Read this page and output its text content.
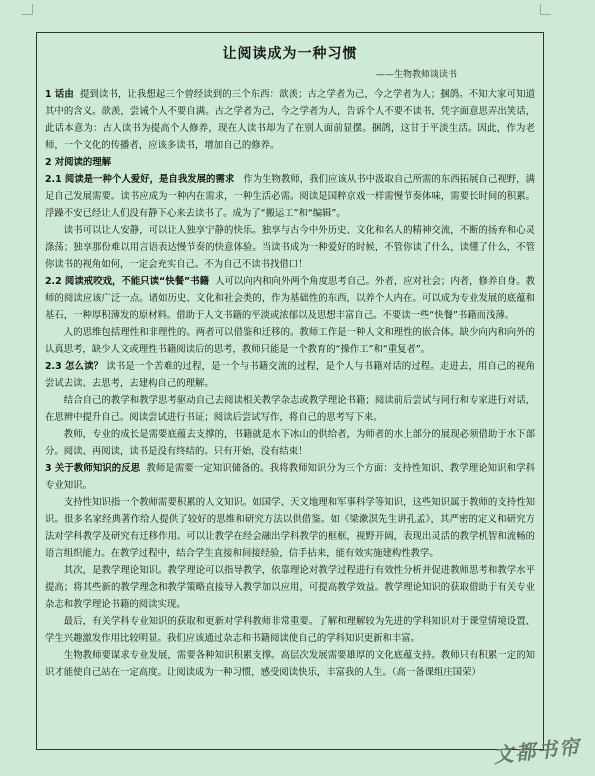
让阅读成为一种习惯
——生物教师谈读书

1 话由 提到读书，让我想起三个曾经读到的三个东西：歆羡；古之学者为己，今之学者为人；捆鸽。不知大家可知道其中的含义。歆羡，尝诫个人不要自满。古之学者为己，今之学者为人，告诉个人不要不读书，凭字面意思弄出笑话，此话本意为：古人读书为提高个人修养，现在人读书却为了在别人面前显摆。捆鸽，这甘于平淡生活。因此，作为老师，一个文化的传播者，应该多读书，增加自己的修养。

2 对阅读的理解

2.1 阅读是一种个人爱好，是自我发展的需求 作为生物教师，我们应该从书中汲取自己所需的东西拓展自己视野，满足自己发展需要。读书应成为一种内在需求，一种生活必需。阅读是国粹京戏一样需慢节奏体味，需要长时间的积累。浮躁不安已经让人们没有静下心来去读书了。成为了“搬运工”和“编辑”。

读书可以让人安静，可以让人独享宁静的快乐。独享与古今中外历史、文化和名人的精神交流，不断的扬弃和心灵涤荡；独享那份难以用言语表达慢节奏的快意体验。当读书成为一种爱好的时候，不管你读了什么，读懂了什么，不管你读书的视角如何，一定会充实自己。不为自己不读书找借口！

2.2 阅读戒咬戏，不能只读“快餐”书籍 人可以向内和向外两个角度思考自己。外者，应对社会；内者，修养自身。教师的阅读应该广泛一点。诸如历史、文化和社会类的，作为基础性的东西，以养个人内在。可以成为专业发展的底蕴和基石，一种厚积薄发的原材料。借助于人文书籍的平淡或浓郁以及思想丰富自己。不要读一些“快餐”书籍而浅薄。

人的思维包括理性和非理性的。两者可以借鉴和迁移的。教师工作是一种人文和理性的嵌合体。缺少向内和向外的认真思考，缺少人文或理性书籍阅读后的思考，教师只能是一个教育的“操作工”和“重复者”。

2.3 怎么读？ 读书是一个苦难的过程，是一个与书籍交流的过程，是个人与书籍对话的过程。走进去，用自己的视角尝试去读、去思考，去建构自己的理解。

结合自己的教学和教学思考驱动自己去阅读相关教学杂志或教学理论书籍；阅读前后尝试与同行和专家进行对话，在思辨中提升自己。阅读尝试进行书证；阅读后尝试写作，将自己的思考写下来。

教师，专业的成长是需要底蕴去支撑的，书籍就是水下冰山的供给者，为师者的水上部分的展现必须借助于水下部分。阅读、再阅读，读书是没有终结的。只有开始，没有结束！

3 关于教师知识的反思 教师是需要一定知识储备的。我将教师知识分为三个方面：支持性知识、教学理论知识和学科专业知识。

支持性知识指一个教师需要积累的人文知识。如国学、天文地理和军事科学等知识，这些知识属于教师的支持性知识。很多名家经典著作给人提供了较好的思维和研究方法以供借鉴。如《梁漱溟先生讲孔孟》，其严密的定义和研究方法对学科教学及研究有迁移作用。可以让教学在经会融出学科教学的框框，视野开阔，表现出灵活的教学机智和流畅的语言组织能力。在教学过程中，结合学生直接和间接经验，信手拈来，能有效实施建构性教学。

其次，是教学理论知识。教学理论可以指导教学，依靠理论对教学过程进行有效性分析并促进教师思考和教学水平提高；将其些新的教学理念和教学策略直接导入教学加以应用，可提高教学效益。教学理论知识的获取借助于有关专业杂志和教学理论书籍的阅读实现。

最后，有关学科专业知识的获取和更新对学科教师非常重要。了解和理解较为先进的学科知识对于课堂情境设置、学生兴趣激发作用比较明显。我们应该通过杂志和书籍阅读使自己的学科知识更新和丰富。

生物教师要谋求专业发展，需要各种知识积累支撑。高层次发展需要雄厚的文化底蕴支持。教师只有积累一定的知识才能使自己站在一定高度。让阅读成为一种习惯，感受阅读快乐，丰富我的人生。（高一备课组庄国荣）

文都书帘
